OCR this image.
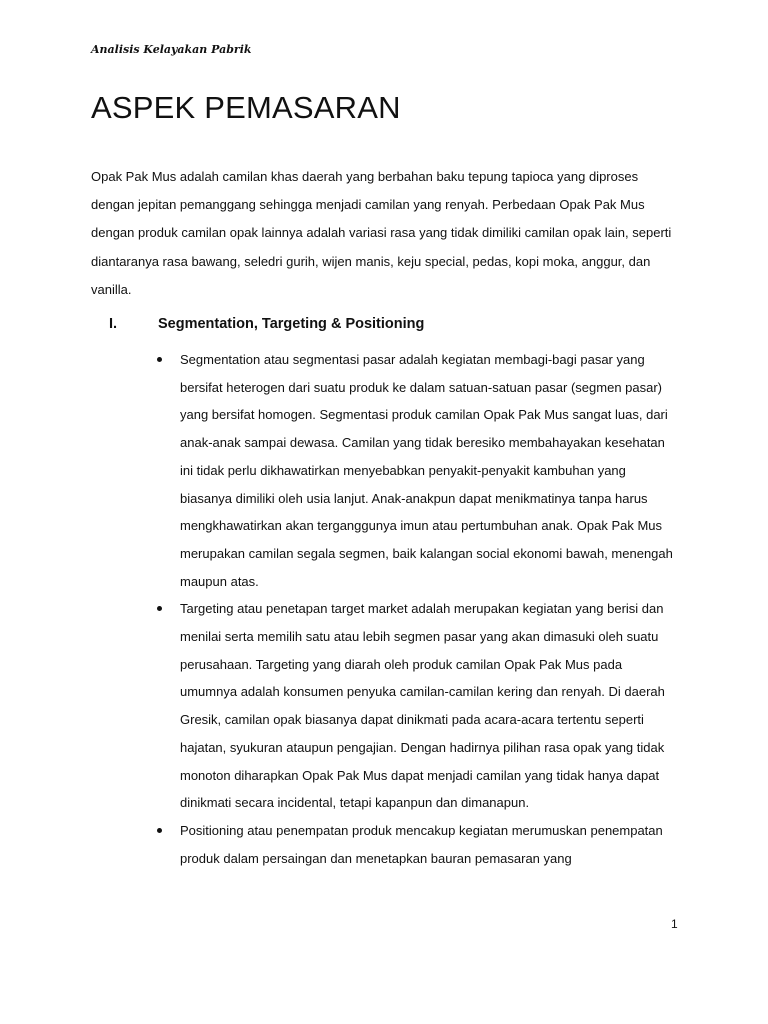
Analisis Kelayakan Pabrik
ASPEK PEMASARAN

Opak Pak Mus adalah camilan khas daerah yang berbahan baku tepung tapioca yang diproses dengan jepitan pemanggang sehingga menjadi camilan yang renyah. Perbedaan Opak Pak Mus dengan produk camilan opak lainnya adalah variasi rasa yang tidak dimiliki camilan opak lain, seperti diantaranya rasa bawang, seledri gurih, wijen manis, keju special, pedas, kopi moka, anggur, dan vanilla.

I.	Segmentation, Targeting & Positioning
Segmentation atau segmentasi pasar adalah kegiatan membagi-bagi pasar yang bersifat heterogen dari suatu produk ke dalam satuan-satuan pasar (segmen pasar) yang bersifat homogen. Segmentasi produk camilan Opak Pak Mus sangat luas, dari anak-anak sampai dewasa. Camilan yang tidak beresiko membahayakan kesehatan ini tidak perlu dikhawatirkan menyebabkan penyakit-penyakit kambuhan yang biasanya dimiliki oleh usia lanjut. Anak-anakpun dapat menikmatinya tanpa harus mengkhawatirkan akan terganggunya imun atau pertumbuhan anak. Opak Pak Mus merupakan camilan segala segmen, baik kalangan social ekonomi bawah, menengah maupun atas.
Targeting atau penetapan target market adalah merupakan kegiatan yang berisi dan menilai serta memilih satu atau lebih segmen pasar yang akan dimasuki oleh suatu perusahaan. Targeting yang diarah oleh produk camilan Opak Pak Mus pada umumnya adalah konsumen penyuka camilan-camilan kering dan renyah. Di daerah Gresik, camilan opak biasanya dapat dinikmati pada acara-acara tertentu seperti hajatan, syukuran ataupun pengajian. Dengan hadirnya pilihan rasa opak yang tidak monoton diharapkan Opak Pak Mus dapat menjadi camilan yang tidak hanya dapat dinikmati secara incidental, tetapi kapanpun dan dimanapun.
Positioning atau penempatan produk mencakup kegiatan merumuskan penempatan produk dalam persaingan dan menetapkan bauran pemasaran yang
1
